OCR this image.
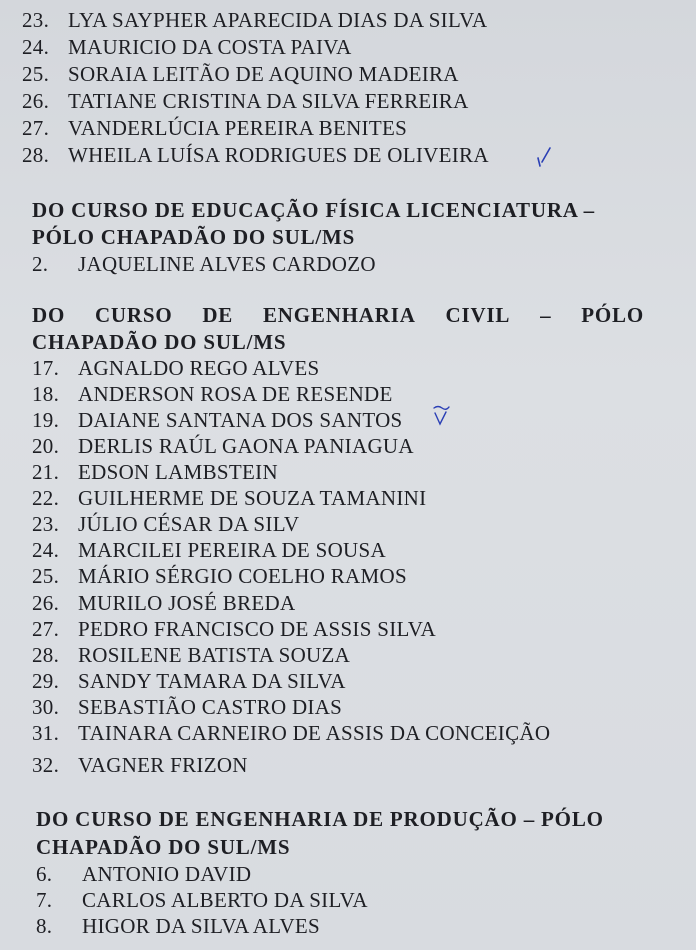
23. LYA SAYPHER APARECIDA DIAS DA SILVA
24. MAURICIO DA COSTA PAIVA
25. SORAIA LEITÃO DE AQUINO MADEIRA
26. TATIANE CRISTINA DA SILVA FERREIRA
27. VANDERLÚCIA PEREIRA BENITES
28. WHEILA LUÍSA RODRIGUES DE OLIVEIRA
DO CURSO DE EDUCAÇÃO FÍSICA LICENCIATURA –
PÓLO CHAPADÃO DO SUL/MS
2. JAQUELINE ALVES CARDOZO
DO CURSO DE ENGENHARIA CIVIL – PÓLO
CHAPADÃO DO SUL/MS
17. AGNALDO REGO ALVES
18. ANDERSON ROSA DE RESENDE
19. DAIANE SANTANA DOS SANTOS
20. DERLIS RAÚL GAONA PANIAGUA
21. EDSON LAMBSTEIN
22. GUILHERME DE SOUZA TAMANINI
23. JÚLIO CÉSAR DA SILV
24. MARCILEI PEREIRA DE SOUSA
25. MÁRIO SÉRGIO COELHO RAMOS
26. MURILO JOSÉ BREDA
27. PEDRO FRANCISCO DE ASSIS SILVA
28. ROSILENE BATISTA SOUZA
29. SANDY TAMARA DA SILVA
30. SEBASTIÃO CASTRO DIAS
31. TAINARA CARNEIRO DE ASSIS DA CONCEIÇÃO
32. VAGNER FRIZON
DO CURSO DE ENGENHARIA DE PRODUÇÃO – PÓLO
CHAPADÃO DO SUL/MS
6. ANTONIO DAVID
7. CARLOS ALBERTO DA SILVA
8. HIGOR DA SILVA ALVES
